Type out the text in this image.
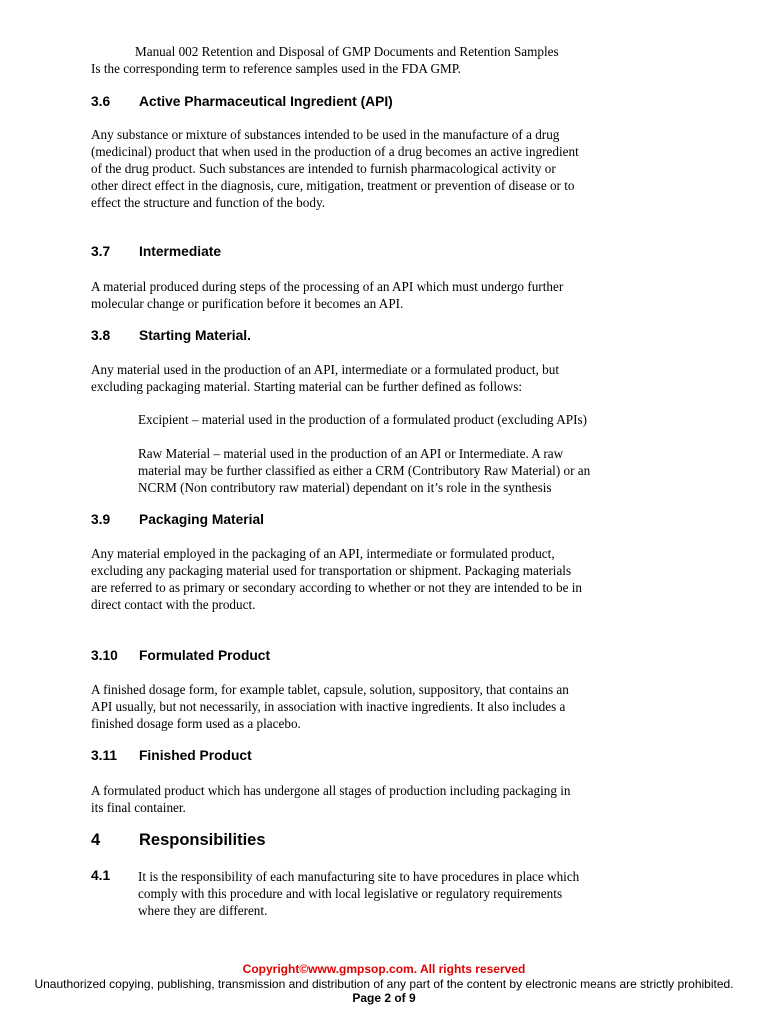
Manual 002 Retention and Disposal of GMP Documents and Retention Samples
Is the corresponding term to reference samples used in the FDA GMP.
3.6 Active Pharmaceutical Ingredient (API)
Any substance or mixture of substances intended to be used in the manufacture of a drug
(medicinal) product that when used in the production of a drug becomes an active ingredient
of the drug product. Such substances are intended to furnish pharmacological activity or
other direct effect in the diagnosis, cure, mitigation, treatment or prevention of disease or to
effect the structure and function of the body.
3.7 Intermediate
A material produced during steps of the processing of an API which must undergo further
molecular change or purification before it becomes an API.
3.8 Starting Material.
Any material used in the production of an API, intermediate or a formulated product, but
excluding packaging material. Starting material can be further defined as follows:
Excipient – material used in the production of a formulated product (excluding APIs)
Raw Material – material used in the production of an API or Intermediate. A raw
material may be further classified as either a CRM (Contributory Raw Material) or an
NCRM (Non contributory raw material) dependant on it’s role in the synthesis
3.9 Packaging Material
Any material employed in the packaging of an API, intermediate or formulated product,
excluding any packaging material used for transportation or shipment. Packaging materials
are referred to as primary or secondary according to whether or not they are intended to be in
direct contact with the product.
3.10 Formulated Product
A finished dosage form, for example tablet, capsule, solution, suppository, that contains an
API usually, but not necessarily, in association with inactive ingredients. It also includes a
finished dosage form used as a placebo.
3.11 Finished Product
A formulated product which has undergone all stages of production including packaging in
its final container.
4 Responsibilities
4.1 It is the responsibility of each manufacturing site to have procedures in place which
comply with this procedure and with local legislative or regulatory requirements
where they are different.
Copyright©www.gmpsop.com. All rights reserved
Unauthorized copying, publishing, transmission and distribution of any part of the content by electronic means are strictly prohibited.
Page 2 of 9
